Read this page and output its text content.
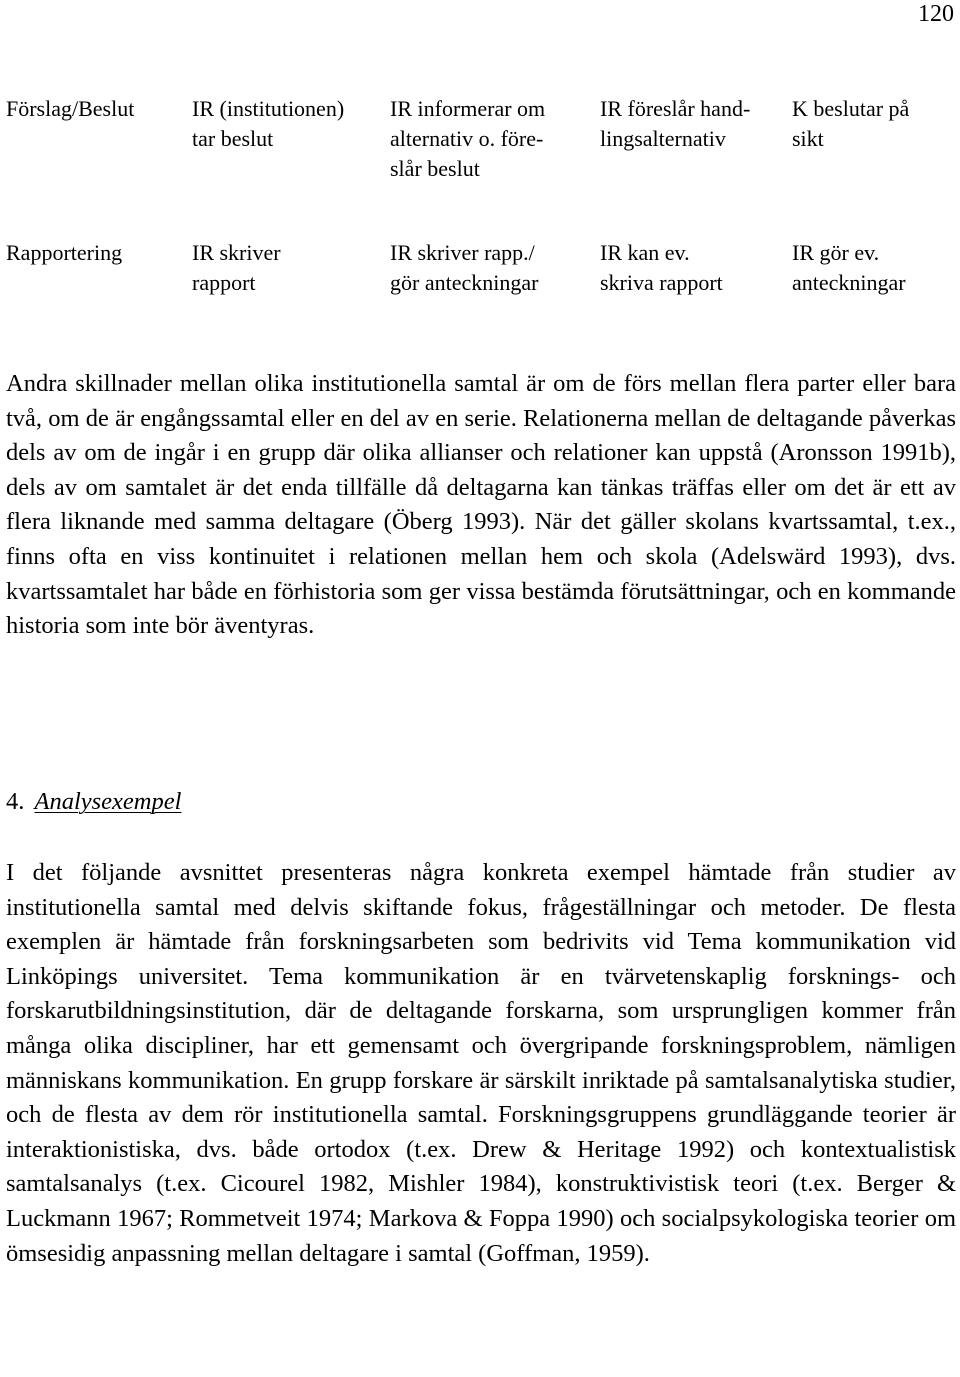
120
Förslag/Beslut	IR (institutionen)
tar beslut
IR informerar om
alternativ o. före-
slår beslut
IR föreslår hand-
lingsalternativ
K beslutar på
sikt
Rapportering	IR skriver
rapport
IR skriver rapp./
gör anteckningar
IR kan ev.
skriva rapport
IR gör ev.
anteckningar

Andra skillnader mellan olika institutionella samtal är om de förs mellan flera parter eller bara två, om de är engångssamtal eller en del av en serie. Relationerna mellan de deltagande påverkas dels av om de ingår i en grupp där olika allianser och relationer kan uppstå (Aronsson 1991b), dels av om samtalet är det enda tillfälle då deltagarna kan tänkas träffas eller om det är ett av flera liknande med samma deltagare (Öberg 1993). När det gäller skolans kvartssamtal, t.ex., finns ofta en viss kontinuitet i relationen mellan hem och skola (Adelswärd 1993), dvs. kvartssamtalet har både en förhistoria som ger vissa bestämda förutsättningar, och en kommande historia som inte bör äventyras.

4. Analysexempel

I det följande avsnittet presenteras några konkreta exempel hämtade från studier av institutionella samtal med delvis skiftande fokus, frågeställningar och metoder. De flesta exemplen är hämtade från forskningsarbeten som bedrivits vid Tema kommunikation vid Linköpings universitet. Tema kommunikation är en tvärvetenskaplig forsknings- och forskarutbildningsinstitution, där de deltagande forskarna, som ursprungligen kommer från många olika discipliner, har ett gemensamt och övergripande forskningsproblem, nämligen människans kommunikation. En grupp forskare är särskilt inriktade på samtalsanalytiska studier, och de flesta av dem rör institutionella samtal. Forskningsgruppens grundläggande teorier är interaktionistiska, dvs. både ortodox (t.ex. Drew & Heritage 1992) och kontextualistisk samtalsanalys (t.ex. Cicourel 1982, Mishler 1984), konstruktivistisk teori (t.ex. Berger & Luckmann 1967; Rommetveit 1974; Markova & Foppa 1990) och socialpsykologiska teorier om ömsesidig anpassning mellan deltagare i samtal (Goffman, 1959).
